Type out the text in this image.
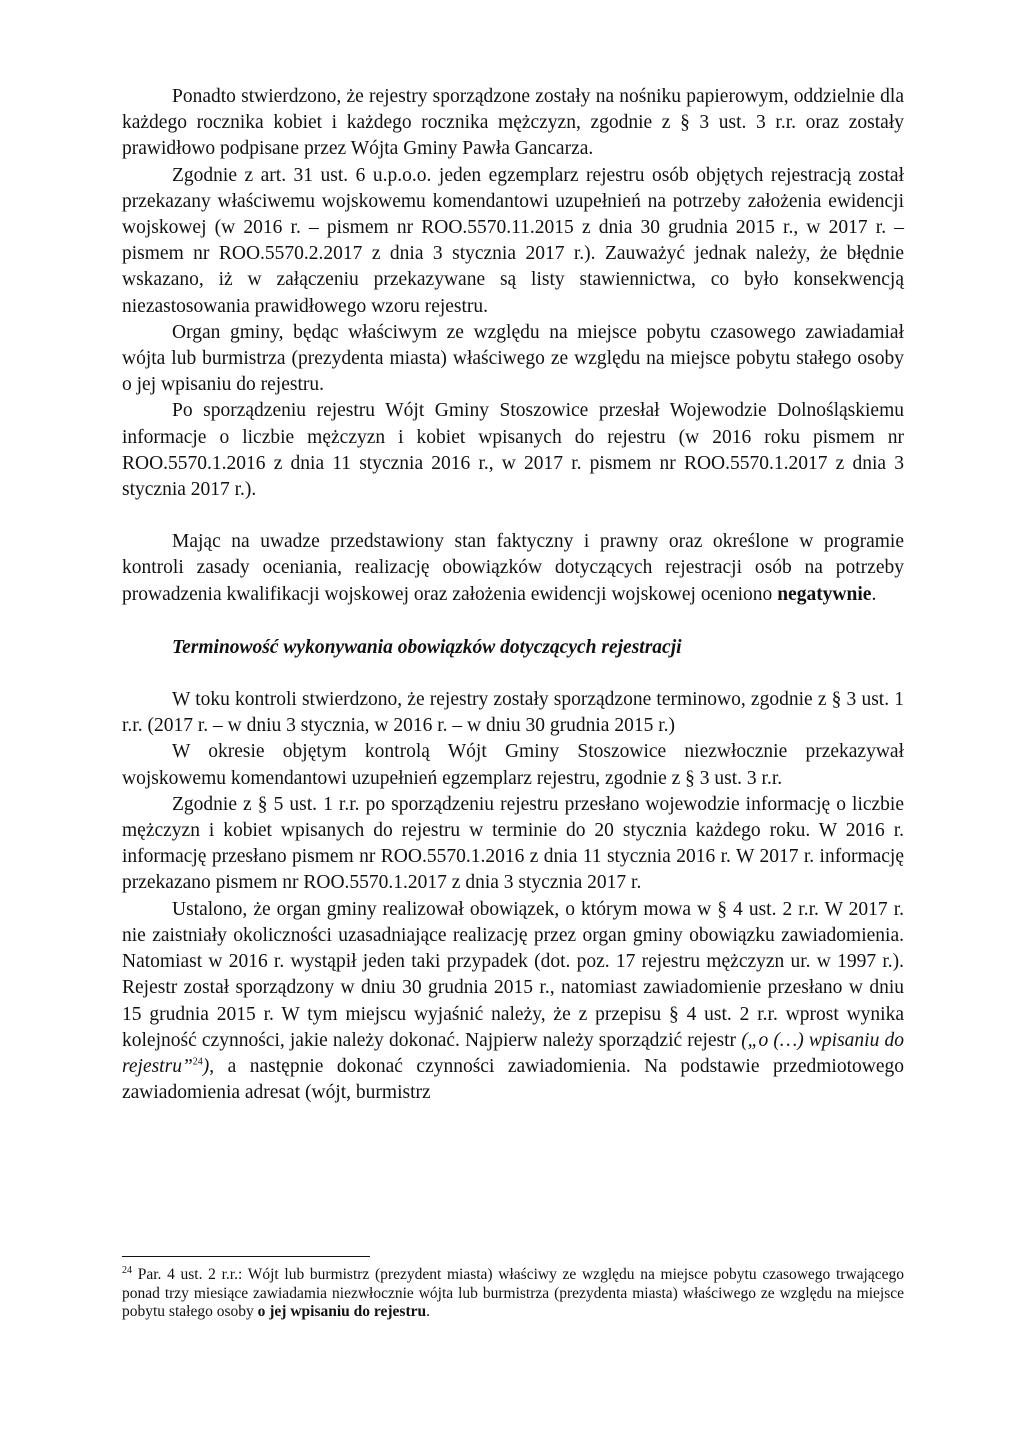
Ponadto stwierdzono, że rejestry sporządzone zostały na nośniku papierowym, oddzielnie dla każdego rocznika kobiet i każdego rocznika mężczyzn, zgodnie z § 3 ust. 3 r.r. oraz zostały prawidłowo podpisane przez Wójta Gminy Pawła Gancarza.

Zgodnie z art. 31 ust. 6 u.p.o.o. jeden egzemplarz rejestru osób objętych rejestracją został przekazany właściwemu wojskowemu komendantowi uzupełnień na potrzeby założenia ewidencji wojskowej (w 2016 r. – pismem nr ROO.5570.11.2015 z dnia 30 grudnia 2015 r., w 2017 r. – pismem nr ROO.5570.2.2017 z dnia 3 stycznia 2017 r.). Zauważyć jednak należy, że błędnie wskazano, iż w załączeniu przekazywane są listy stawiennictwa, co było konsekwencją niezastosowania prawidłowego wzoru rejestru.

Organ gminy, będąc właściwym ze względu na miejsce pobytu czasowego zawiadamiał wójta lub burmistrza (prezydenta miasta) właściwego ze względu na miejsce pobytu stałego osoby o jej wpisaniu do rejestru.

Po sporządzeniu rejestru Wójt Gminy Stoszowice przesłał Wojewodzie Dolnośląskiemu informacje o liczbie mężczyzn i kobiet wpisanych do rejestru (w 2016 roku pismem nr ROO.5570.1.2016 z dnia 11 stycznia 2016 r., w 2017 r. pismem nr ROO.5570.1.2017 z dnia 3 stycznia 2017 r.).

Mając na uwadze przedstawiony stan faktyczny i prawny oraz określone w programie kontroli zasady oceniania, realizację obowiązków dotyczących rejestracji osób na potrzeby prowadzenia kwalifikacji wojskowej oraz założenia ewidencji wojskowej oceniono negatywnie.

Terminowość wykonywania obowiązków dotyczących rejestracji

W toku kontroli stwierdzono, że rejestry zostały sporządzone terminowo, zgodnie z § 3 ust. 1 r.r. (2017 r. – w dniu 3 stycznia, w 2016 r. – w dniu 30 grudnia 2015 r.)

W okresie objętym kontrolą Wójt Gminy Stoszowice niezwłocznie przekazywał wojskowemu komendantowi uzupełnień egzemplarz rejestru, zgodnie z § 3 ust. 3 r.r.

Zgodnie z § 5 ust. 1 r.r. po sporządzeniu rejestru przesłano wojewodzie informację o liczbie mężczyzn i kobiet wpisanych do rejestru w terminie do 20 stycznia każdego roku. W 2016 r. informację przesłano pismem nr ROO.5570.1.2016 z dnia 11 stycznia 2016 r. W 2017 r. informację przekazano pismem nr ROO.5570.1.2017 z dnia 3 stycznia 2017 r.

Ustalono, że organ gminy realizował obowiązek, o którym mowa w § 4 ust. 2 r.r. W 2017 r. nie zaistniały okoliczności uzasadniające realizację przez organ gminy obowiązku zawiadomienia. Natomiast w 2016 r. wystąpił jeden taki przypadek (dot. poz. 17 rejestru mężczyzn ur. w 1997 r.). Rejestr został sporządzony w dniu 30 grudnia 2015 r., natomiast zawiadomienie przesłano w dniu 15 grudnia 2015 r. W tym miejscu wyjaśnić należy, że z przepisu § 4 ust. 2 r.r. wprost wynika kolejność czynności, jakie należy dokonać. Najpierw należy sporządzić rejestr („o (…) wpisaniu do rejestru”$^{24}$), a następnie dokonać czynności zawiadomienia. Na podstawie przedmiotowego zawiadomienia adresat (wójt, burmistrz

$^{24}$ Par. 4 ust. 2 r.r.: Wójt lub burmistrz (prezydent miasta) właściwy ze względu na miejsce pobytu czasowego trwającego ponad trzy miesiące zawiadamia niezwłocznie wójta lub burmistrza (prezydenta miasta) właściwego ze względu na miejsce pobytu stałego osoby o jej wpisaniu do rejestru.
